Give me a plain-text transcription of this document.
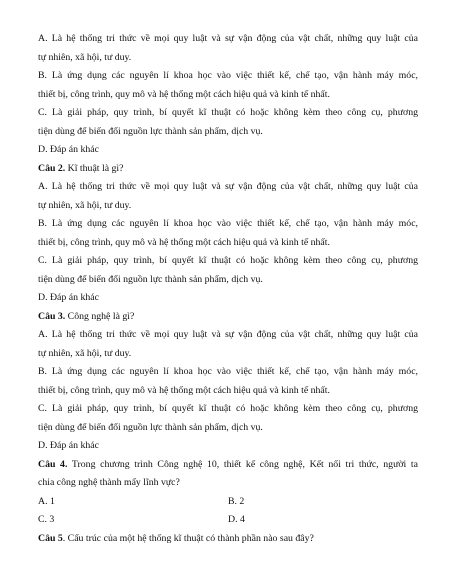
A. Là hệ thống tri thức về mọi quy luật và sự vận động của vật chất, những quy luật của
tự nhiên, xã hội, tư duy.
B. Là ứng dụng các nguyên lí khoa học vào việc thiết kế, chế tạo, vận hành máy móc,
thiết bị, công trình, quy mô và hệ thống một cách hiệu quả và kinh tế nhất.
C. Là giải pháp, quy trình, bí quyết kĩ thuật có hoặc không kèm theo công cụ, phương
tiện dùng để biến đổi nguồn lực thành sản phẩm, dịch vụ.
D. Đáp án khác
Câu 2. Kĩ thuật là gì?
A. Là hệ thống tri thức về mọi quy luật và sự vận động của vật chất, những quy luật của
tự nhiên, xã hội, tư duy.
B. Là ứng dụng các nguyên lí khoa học vào việc thiết kế, chế tạo, vận hành máy móc,
thiết bị, công trình, quy mô và hệ thống một cách hiệu quả và kinh tế nhất.
C. Là giải pháp, quy trình, bí quyết kĩ thuật có hoặc không kèm theo công cụ, phương
tiện dùng để biến đổi nguồn lực thành sản phẩm, dịch vụ.
D. Đáp án khác
Câu 3. Công nghệ là gì?
A. Là hệ thống tri thức về mọi quy luật và sự vận động của vật chất, những quy luật của
tự nhiên, xã hội, tư duy.
B. Là ứng dụng các nguyên lí khoa học vào việc thiết kế, chế tạo, vận hành máy móc,
thiết bị, công trình, quy mô và hệ thống một cách hiệu quả và kinh tế nhất.
C. Là giải pháp, quy trình, bí quyết kĩ thuật có hoặc không kèm theo công cụ, phương
tiện dùng để biến đổi nguồn lực thành sản phẩm, dịch vụ.
D. Đáp án khác
Câu 4. Trong chương trình Công nghệ 10, thiết kế công nghệ, Kết nối tri thức, người ta
chia công nghệ thành mấy lĩnh vực?
A. 1	B. 2
C. 3	D. 4
Câu 5. Cấu trúc của một hệ thống kĩ thuật có thành phần nào sau đây?
